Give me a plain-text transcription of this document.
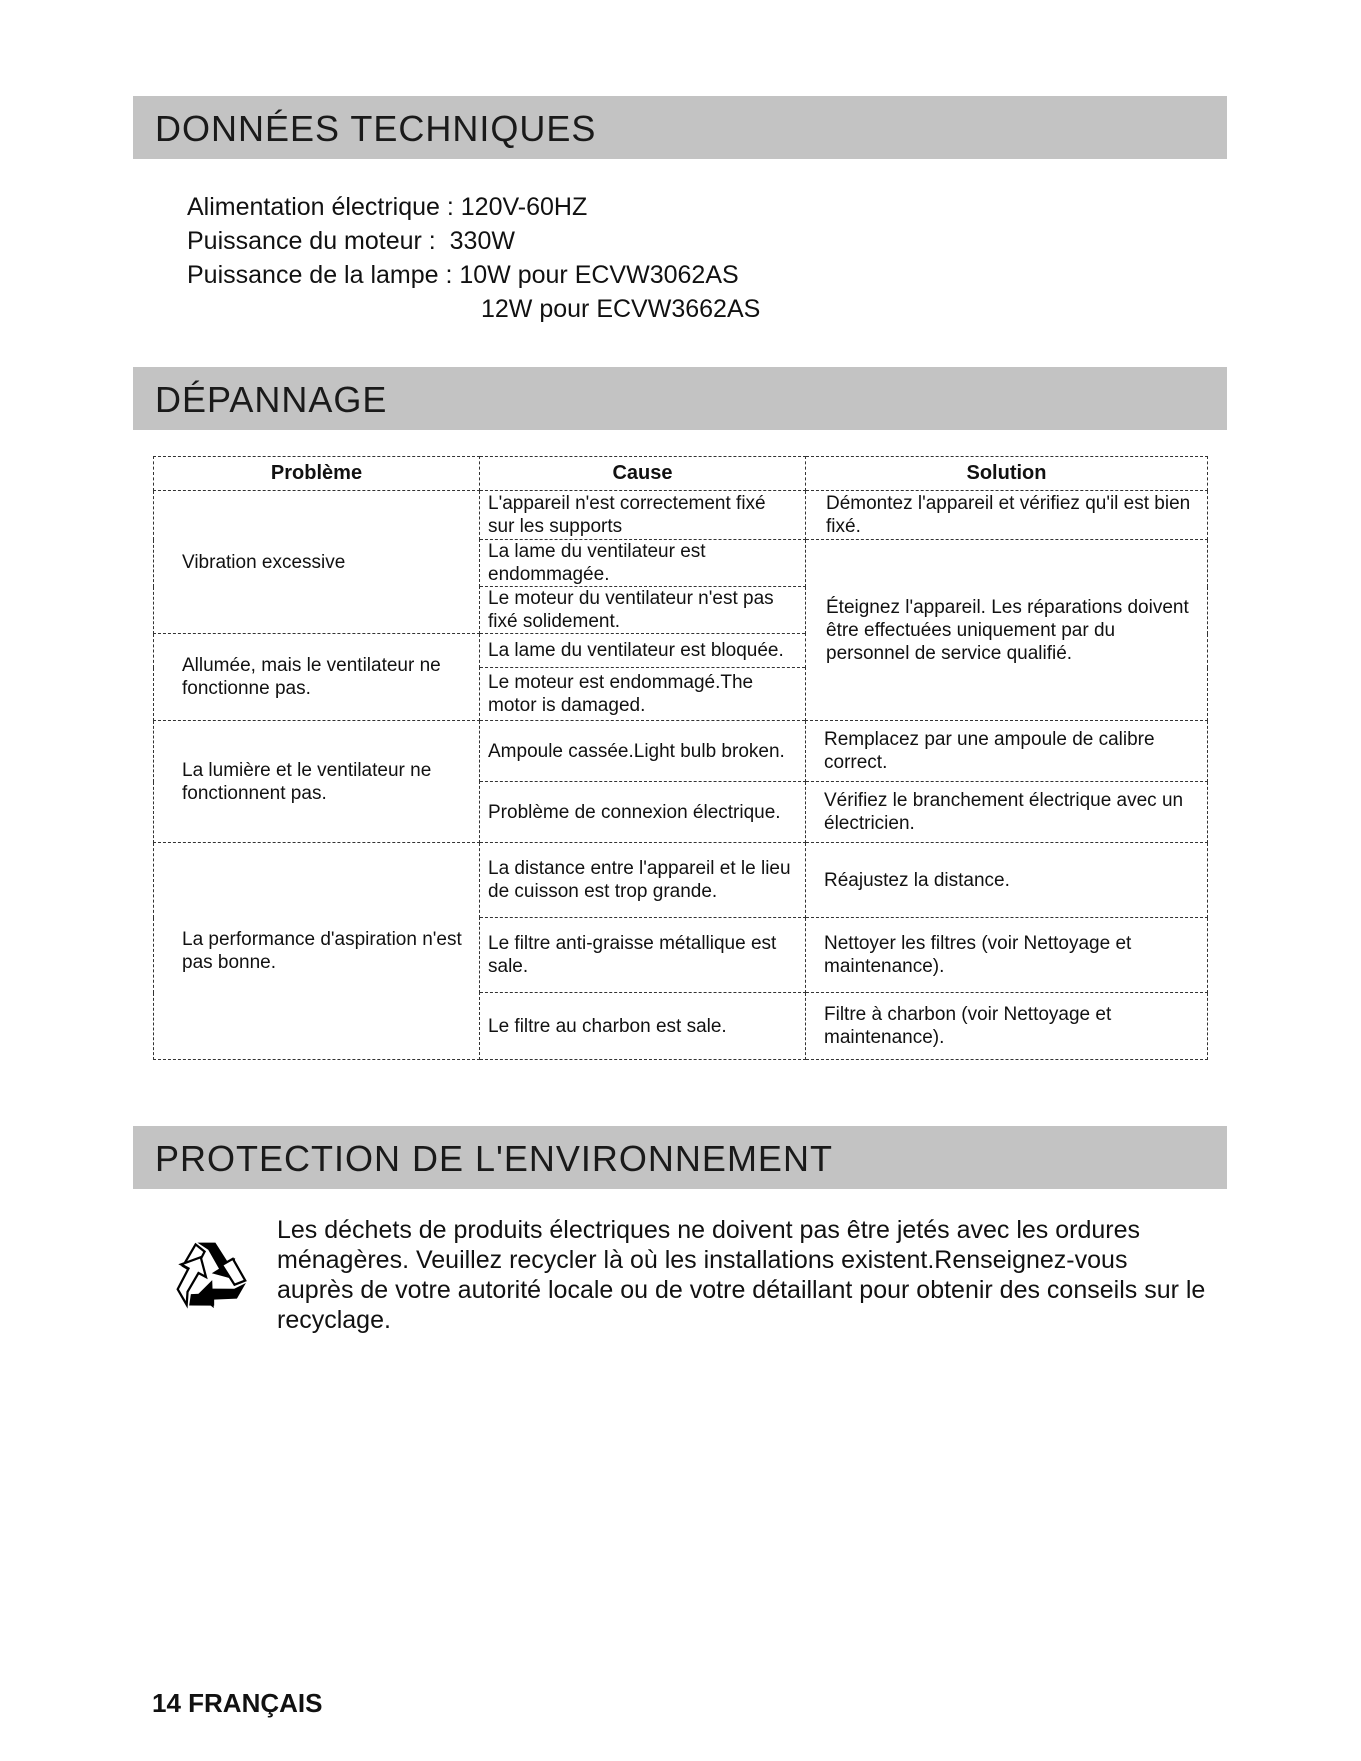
DONNÉES TECHNIQUES
Alimentation électrique : 120V-60HZ
Puissance du moteur :  330W
Puissance de la lampe : 10W pour ECVW3062AS
12W pour ECVW3662AS
DÉPANNAGE
Problème	Cause	Solution
Vibration excessive	L'appareil n'est correctement fixé sur les supports	Démontez l'appareil et vérifiez qu'il est bien fixé.
	La lame du ventilateur est endommagée.	Éteignez l'appareil. Les réparations doivent être effectuées uniquement par du personnel de service qualifié.
	Le moteur du ventilateur n'est pas fixé solidement.	
Allumée, mais le ventilateur ne fonctionne pas.	La lame du ventilateur est bloquée.	
	Le moteur est endommagé.The motor is damaged.	
La lumière et le ventilateur ne fonctionnent pas.	Ampoule cassée.Light bulb broken.	Remplacez par une ampoule de calibre correct.
	Problème de connexion électrique.	Vérifiez le branchement électrique avec un électricien.
La performance d'aspiration n'est pas bonne.	La distance entre l'appareil et le lieu de cuisson est trop grande.	Réajustez la distance.
	Le filtre anti-graisse métallique est sale.	Nettoyer les filtres (voir Nettoyage et maintenance).
	Le filtre au charbon est sale.	Filtre à charbon (voir Nettoyage et maintenance).
PROTECTION DE L'ENVIRONNEMENT
Les déchets de produits électriques ne doivent pas être jetés avec les ordures ménagères. Veuillez recycler là où les installations existent.Renseignez-vous auprès de votre autorité locale ou de votre détaillant pour obtenir des conseils sur le recyclage.
14 FRANÇAIS
